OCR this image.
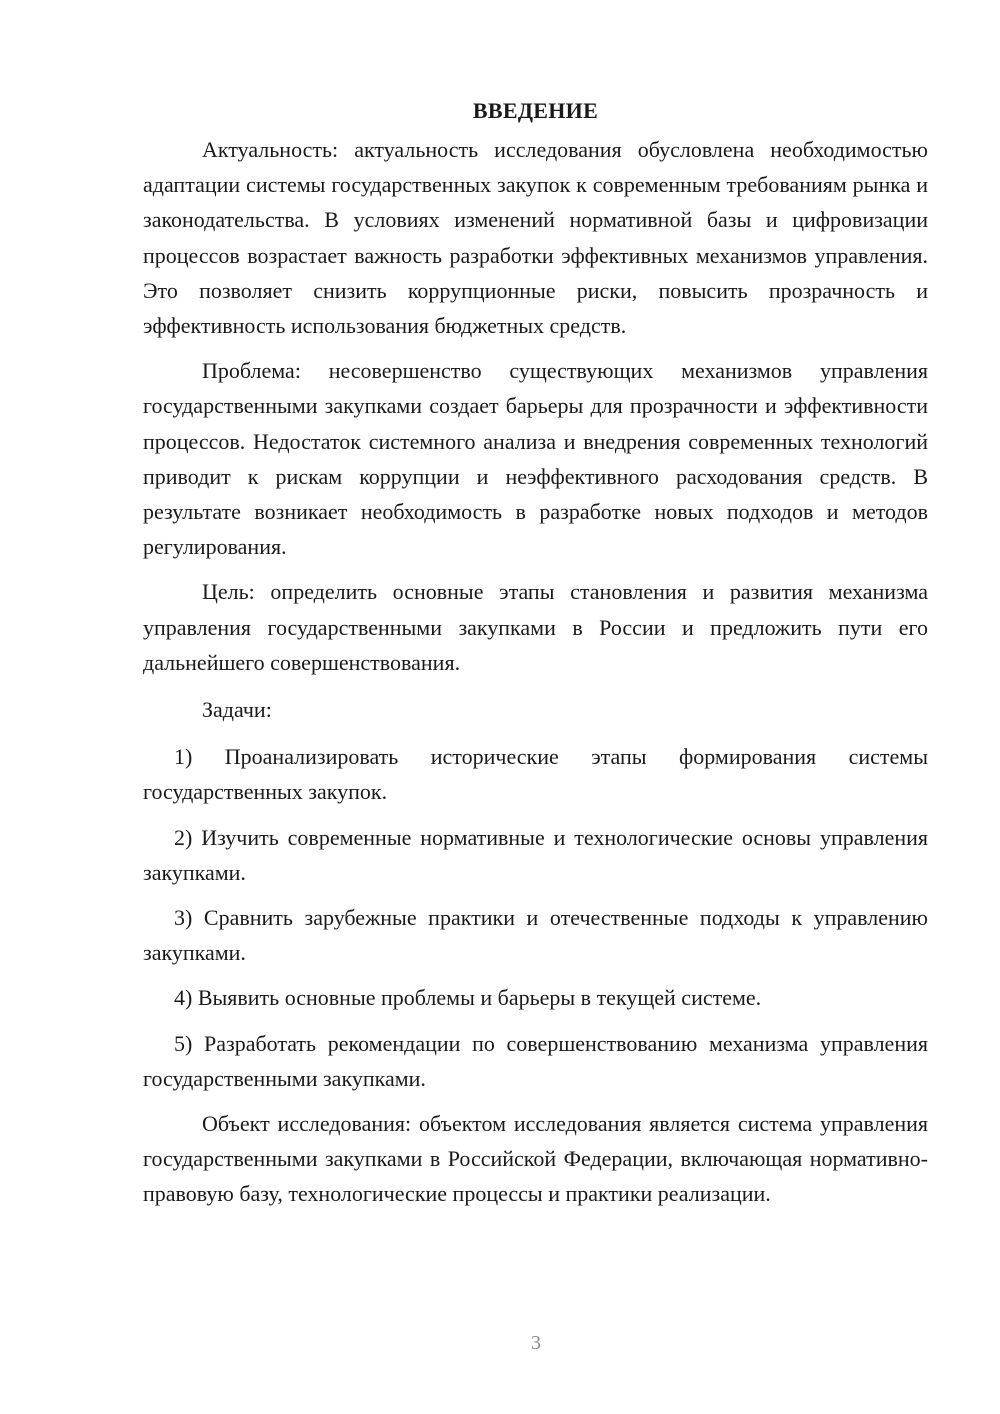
ВВЕДЕНИЕ

Актуальность: актуальность исследования обусловлена необходимостью адаптации системы государственных закупок к современным требованиям рынка и законодательства. В условиях изменений нормативной базы и цифровизации процессов возрастает важность разработки эффективных механизмов управления. Это позволяет снизить коррупционные риски, повысить прозрачность и эффективность использования бюджетных средств.

Проблема: несовершенство существующих механизмов управления государственными закупками создает барьеры для прозрачности и эффективности процессов. Недостаток системного анализа и внедрения современных технологий приводит к рискам коррупции и неэффективного расходования средств. В результате возникает необходимость в разработке новых подходов и методов регулирования.

Цель: определить основные этапы становления и развития механизма управления государственными закупками в России и предложить пути его дальнейшего совершенствования.

Задачи:

1) Проанализировать исторические этапы формирования системы государственных закупок.

2) Изучить современные нормативные и технологические основы управления закупками.

3) Сравнить зарубежные практики и отечественные подходы к управлению закупками.

4) Выявить основные проблемы и барьеры в текущей системе.

5) Разработать рекомендации по совершенствованию механизма управления государственными закупками.

Объект исследования: объектом исследования является система управления государственными закупками в Российской Федерации, включающая нормативно-правовую базу, технологические процессы и практики реализации.

3
